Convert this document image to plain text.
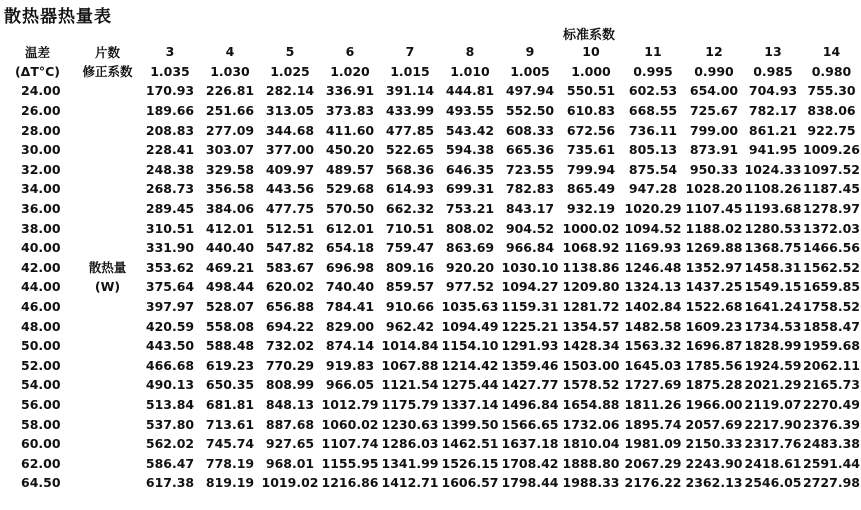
散热器热量表
标准系数
温差	片数	3	4	5	6	7	8	9	10	11	12	13	14
(ΔT°C)	修正系数	1.035	1.030	1.025	1.020	1.015	1.010	1.005	1.000	0.995	0.990	0.985	0.980
24.00		170.93	226.81	282.14	336.91	391.14	444.81	497.94	550.51	602.53	654.00	704.93	755.30
26.00		189.66	251.66	313.05	373.83	433.99	493.55	552.50	610.83	668.55	725.67	782.17	838.06
28.00		208.83	277.09	344.68	411.60	477.85	543.42	608.33	672.56	736.11	799.00	861.21	922.75
30.00		228.41	303.07	377.00	450.20	522.65	594.38	665.36	735.61	805.13	873.91	941.95	1009.26
32.00		248.38	329.58	409.97	489.57	568.36	646.35	723.55	799.94	875.54	950.33	1024.33	1097.52
34.00		268.73	356.58	443.56	529.68	614.93	699.31	782.83	865.49	947.28	1028.20	1108.26	1187.45
36.00		289.45	384.06	477.75	570.50	662.32	753.21	843.17	932.19	1020.29	1107.45	1193.68	1278.97
38.00		310.51	412.01	512.51	612.01	710.51	808.02	904.52	1000.02	1094.52	1188.02	1280.53	1372.03
40.00		331.90	440.40	547.82	654.18	759.47	863.69	966.84	1068.92	1169.93	1269.88	1368.75	1466.56
42.00	散热量	353.62	469.21	583.67	696.98	809.16	920.20	1030.10	1138.86	1246.48	1352.97	1458.31	1562.52
44.00	(W)	375.64	498.44	620.02	740.40	859.57	977.52	1094.27	1209.80	1324.13	1437.25	1549.15	1659.85
46.00		397.97	528.07	656.88	784.41	910.66	1035.63	1159.31	1281.72	1402.84	1522.68	1641.24	1758.52
48.00		420.59	558.08	694.22	829.00	962.42	1094.49	1225.21	1354.57	1482.58	1609.23	1734.53	1858.47
50.00		443.50	588.48	732.02	874.14	1014.84	1154.10	1291.93	1428.34	1563.32	1696.87	1828.99	1959.68
52.00		466.68	619.23	770.29	919.83	1067.88	1214.42	1359.46	1503.00	1645.03	1785.56	1924.59	2062.11
54.00		490.13	650.35	808.99	966.05	1121.54	1275.44	1427.77	1578.52	1727.69	1875.28	2021.29	2165.73
56.00		513.84	681.81	848.13	1012.79	1175.79	1337.14	1496.84	1654.88	1811.26	1966.00	2119.07	2270.49
58.00		537.80	713.61	887.68	1060.02	1230.63	1399.50	1566.65	1732.06	1895.74	2057.69	2217.90	2376.39
60.00		562.02	745.74	927.65	1107.74	1286.03	1462.51	1637.18	1810.04	1981.09	2150.33	2317.76	2483.38
62.00		586.47	778.19	968.01	1155.95	1341.99	1526.15	1708.42	1888.80	2067.29	2243.90	2418.61	2591.44
64.50		617.38	819.19	1019.02	1216.86	1412.71	1606.57	1798.44	1988.33	2176.22	2362.13	2546.05	2727.98
